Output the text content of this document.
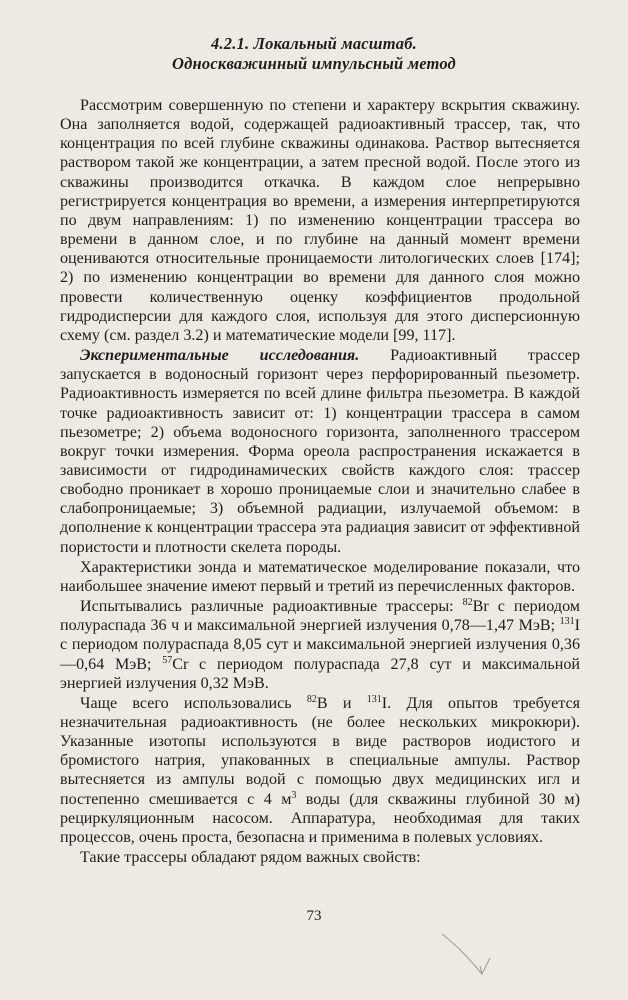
4.2.1. Локальный масштаб.
Односкважинный импульсный метод

Рассмотрим совершенную по степени и характеру вскрытия скважину. Она заполняется водой, содержащей радиоактивный трассер, так, что концентрация по всей глубине скважины одинакова. Раствор вытесняется раствором такой же концентрации, а затем пресной водой. После этого из скважины производится откачка. В каждом слое непрерывно регистрируется концентрация во времени, а измерения интерпретируются по двум направлениям: 1) по изменению концентрации трассера во времени в данном слое, и по глубине на данный момент времени оцениваются относительные проницаемости литологических слоев [174]; 2) по изменению концентрации во времени для данного слоя можно провести количественную оценку коэффициентов продольной гидродисперсии для каждого слоя, используя для этого дисперсионную схему (см. раздел 3.2) и математические модели [99, 117].

Экспериментальные исследования. Радиоактивный трассер запускается в водоносный горизонт через перфорированный пьезометр. Радиоактивность измеряется по всей длине фильтра пьезометра. В каждой точке радиоактивность зависит от: 1) концентрации трассера в самом пьезометре; 2) объема водоносного горизонта, заполненного трассером вокруг точки измерения. Форма ореола распространения искажается в зависимости от гидродинамических свойств каждого слоя: трассер свободно проникает в хорошо проницаемые слои и значительно слабее в слабопроницаемые; 3) объемной радиации, излучаемой объемом: в дополнение к концентрации трассера эта радиация зависит от эффективной пористости и плотности скелета породы.

Характеристики зонда и математическое моделирование показали, что наибольшее значение имеют первый и третий из перечисленных факторов.

Испытывались различные радиоактивные трассеры: $^{82}$Br с периодом полураспада 36 ч и максимальной энергией излучения 0,78—1,47 МэВ; $^{131}$I с периодом полураспада 8,05 сут и максимальной энергией излучения 0,36—0,64 МэВ; $^{57}$Cr с периодом полураспада 27,8 сут и максимальной энергией излучения 0,32 МэВ.

Чаще всего использовались $^{82}$B и $^{131}$I. Для опытов требуется незначительная радиоактивность (не более нескольких микрокюри). Указанные изотопы используются в виде растворов иодистого и бромистого натрия, упакованных в специальные ампулы. Раствор вытесняется из ампулы водой с помощью двух медицинских игл и постепенно смешивается с 4 $м^3$ воды (для скважины глубиной 30 м) рециркуляционным насосом. Аппаратура, необходимая для таких процессов, очень проста, безопасна и применима в полевых условиях.

Такие трассеры обладают рядом важных свойств:

73
